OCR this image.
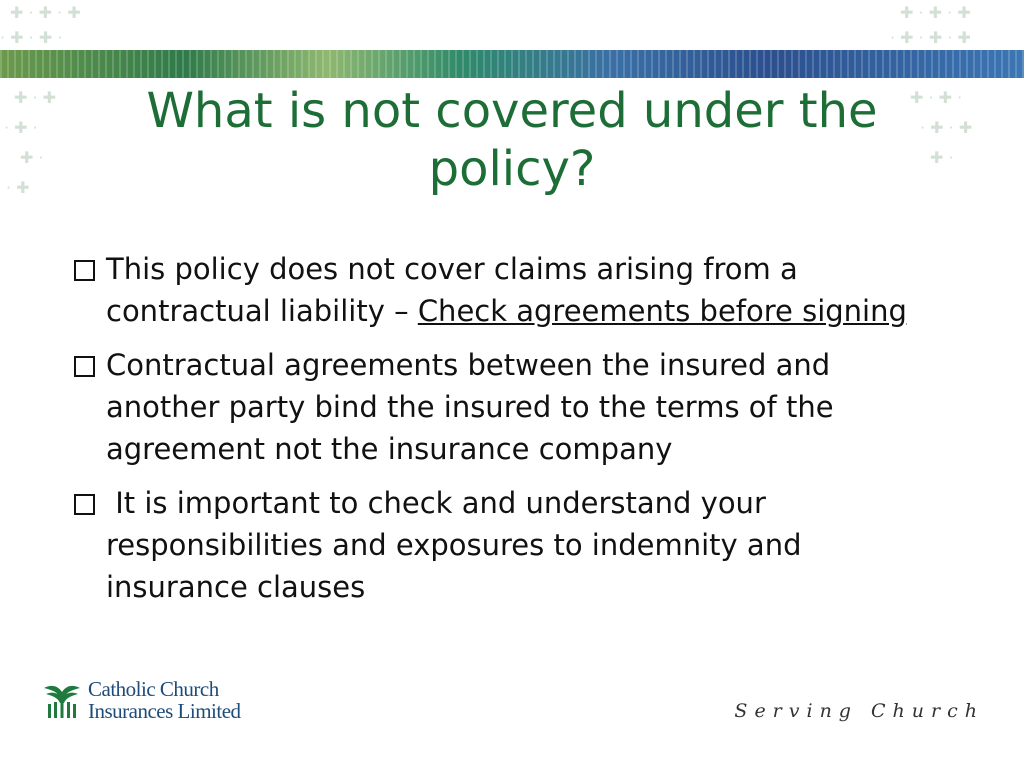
✚ · ✚ · ✚
· ✚ · ✚ ·
✚ · ✚
· ✚ ·
✚ ·
· ✚
✚ · ✚ · ✚
· ✚ · ✚ · ✚
✚ · ✚ ·
· ✚ · ✚
✚ ·
What is not covered under the
policy?
This policy does not cover claims arising from a contractual liability – Check agreements before signing
Contractual agreements between the insured and another party bind the insured to the terms of the agreement not the insurance company
It is important to check and understand your responsibilities and exposures to indemnity and insurance clauses
Catholic Church
Insurances Limited	Serving Church
